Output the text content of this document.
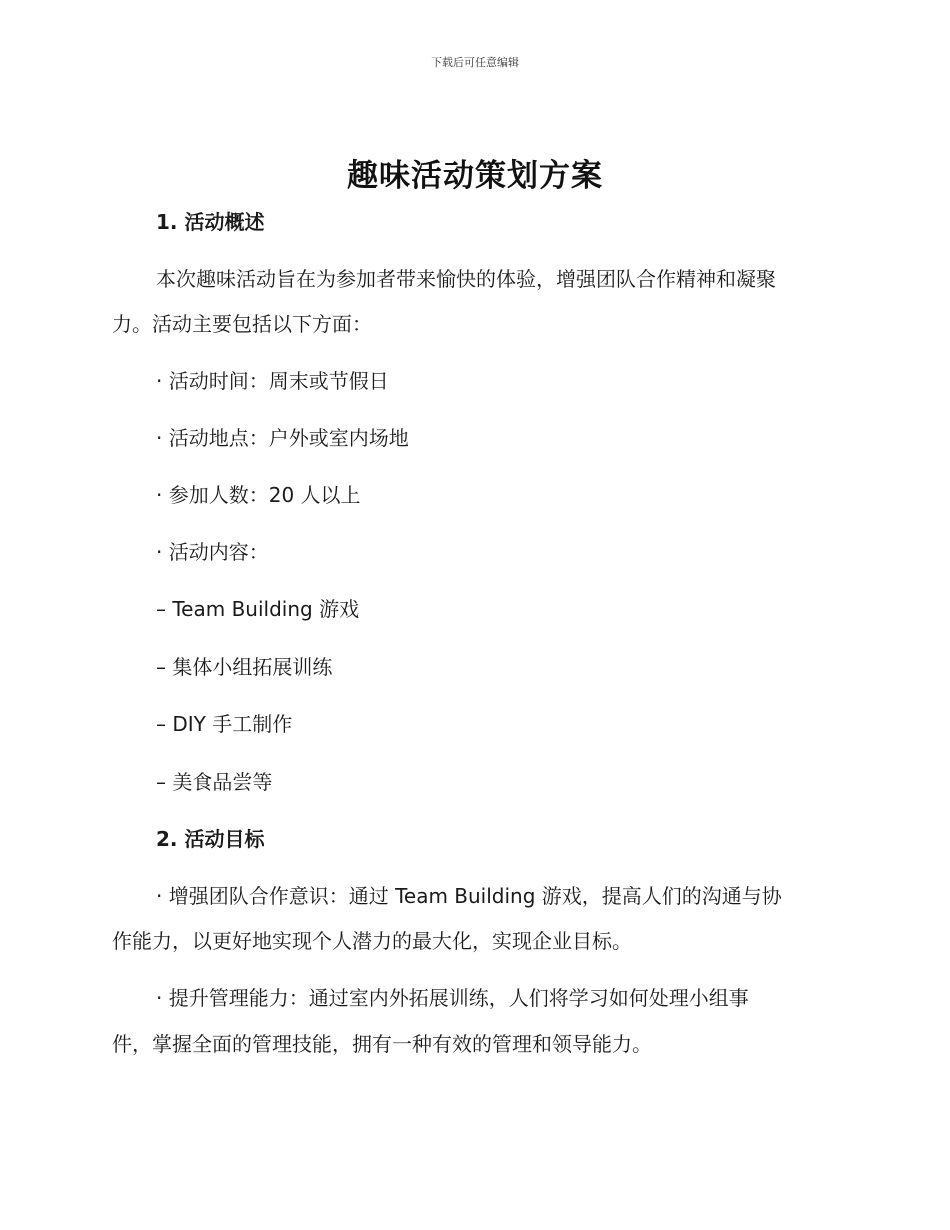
下载后可任意编辑
趣味活动策划方案
1. 活动概述
本次趣味活动旨在为参加者带来愉快的体验，增强团队合作精神和凝聚
力。活动主要包括以下方面：
· 活动时间：周末或节假日
· 活动地点：户外或室内场地
· 参加人数：20 人以上
· 活动内容：
– Team Building 游戏
– 集体小组拓展训练
– DIY 手工制作
– 美食品尝等
2. 活动目标
· 增强团队合作意识：通过 Team Building 游戏，提高人们的沟通与协
作能力，以更好地实现个人潜力的最大化，实现企业目标。
· 提升管理能力：通过室内外拓展训练，人们将学习如何处理小组事
件，掌握全面的管理技能，拥有一种有效的管理和领导能力。
